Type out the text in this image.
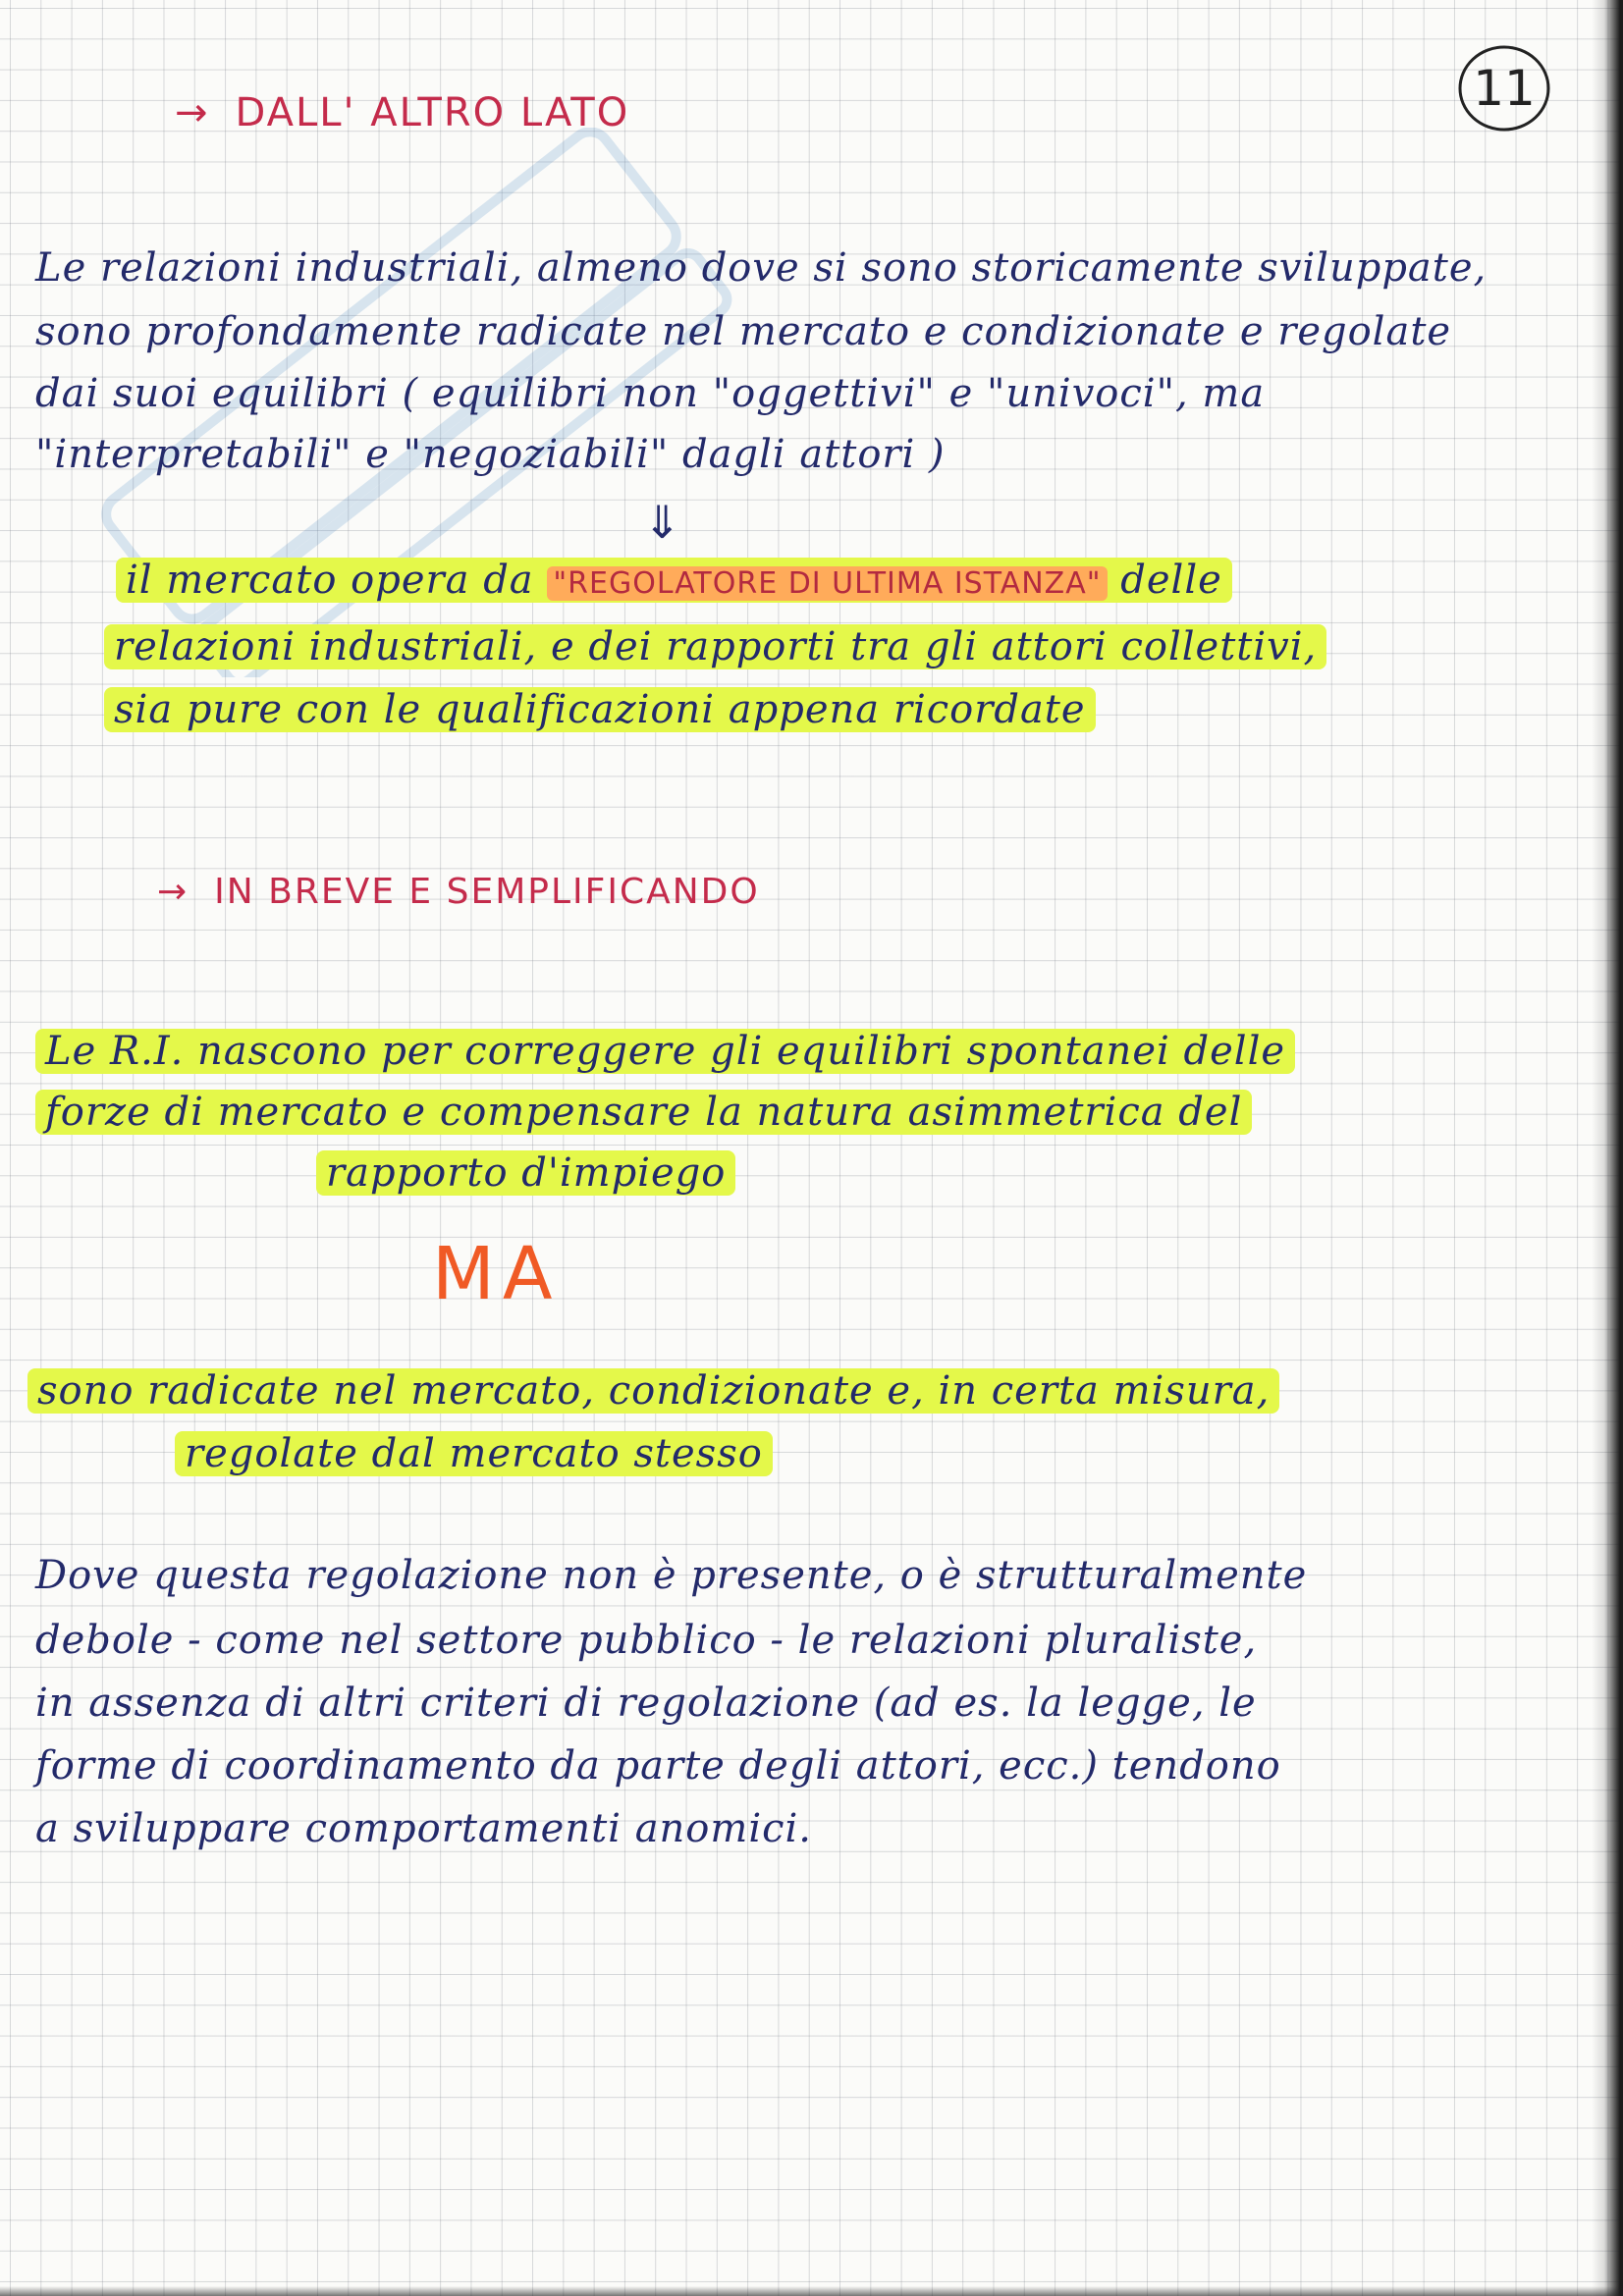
11
→ DALL' ALTRO LATO
Le relazioni industriali, almeno dove si sono storicamente sviluppate,
sono profondamente radicate nel mercato e condizionate e regolate
dai suoi equilibri ( equilibri non "oggettivi" e "univoci", ma
"interpretabili" e "negoziabili" dagli attori )
⇓
il mercato opera da "REGOLATORE DI ULTIMA ISTANZA" delle
relazioni industriali, e dei rapporti tra gli attori collettivi,
sia pure con le qualificazioni appena ricordate
→ IN BREVE E SEMPLIFICANDO
Le R.I. nascono per correggere gli equilibri spontanei delle
forze di mercato e compensare la natura asimmetrica del
rapporto d'impiego
MA
sono radicate nel mercato, condizionate e, in certa misura,
regolate dal mercato stesso
Dove questa regolazione non è presente, o è strutturalmente
debole - come nel settore pubblico - le relazioni pluraliste,
in assenza di altri criteri di regolazione (ad es. la legge, le
forme di coordinamento da parte degli attori, ecc.) tendono
a sviluppare comportamenti anomici.
